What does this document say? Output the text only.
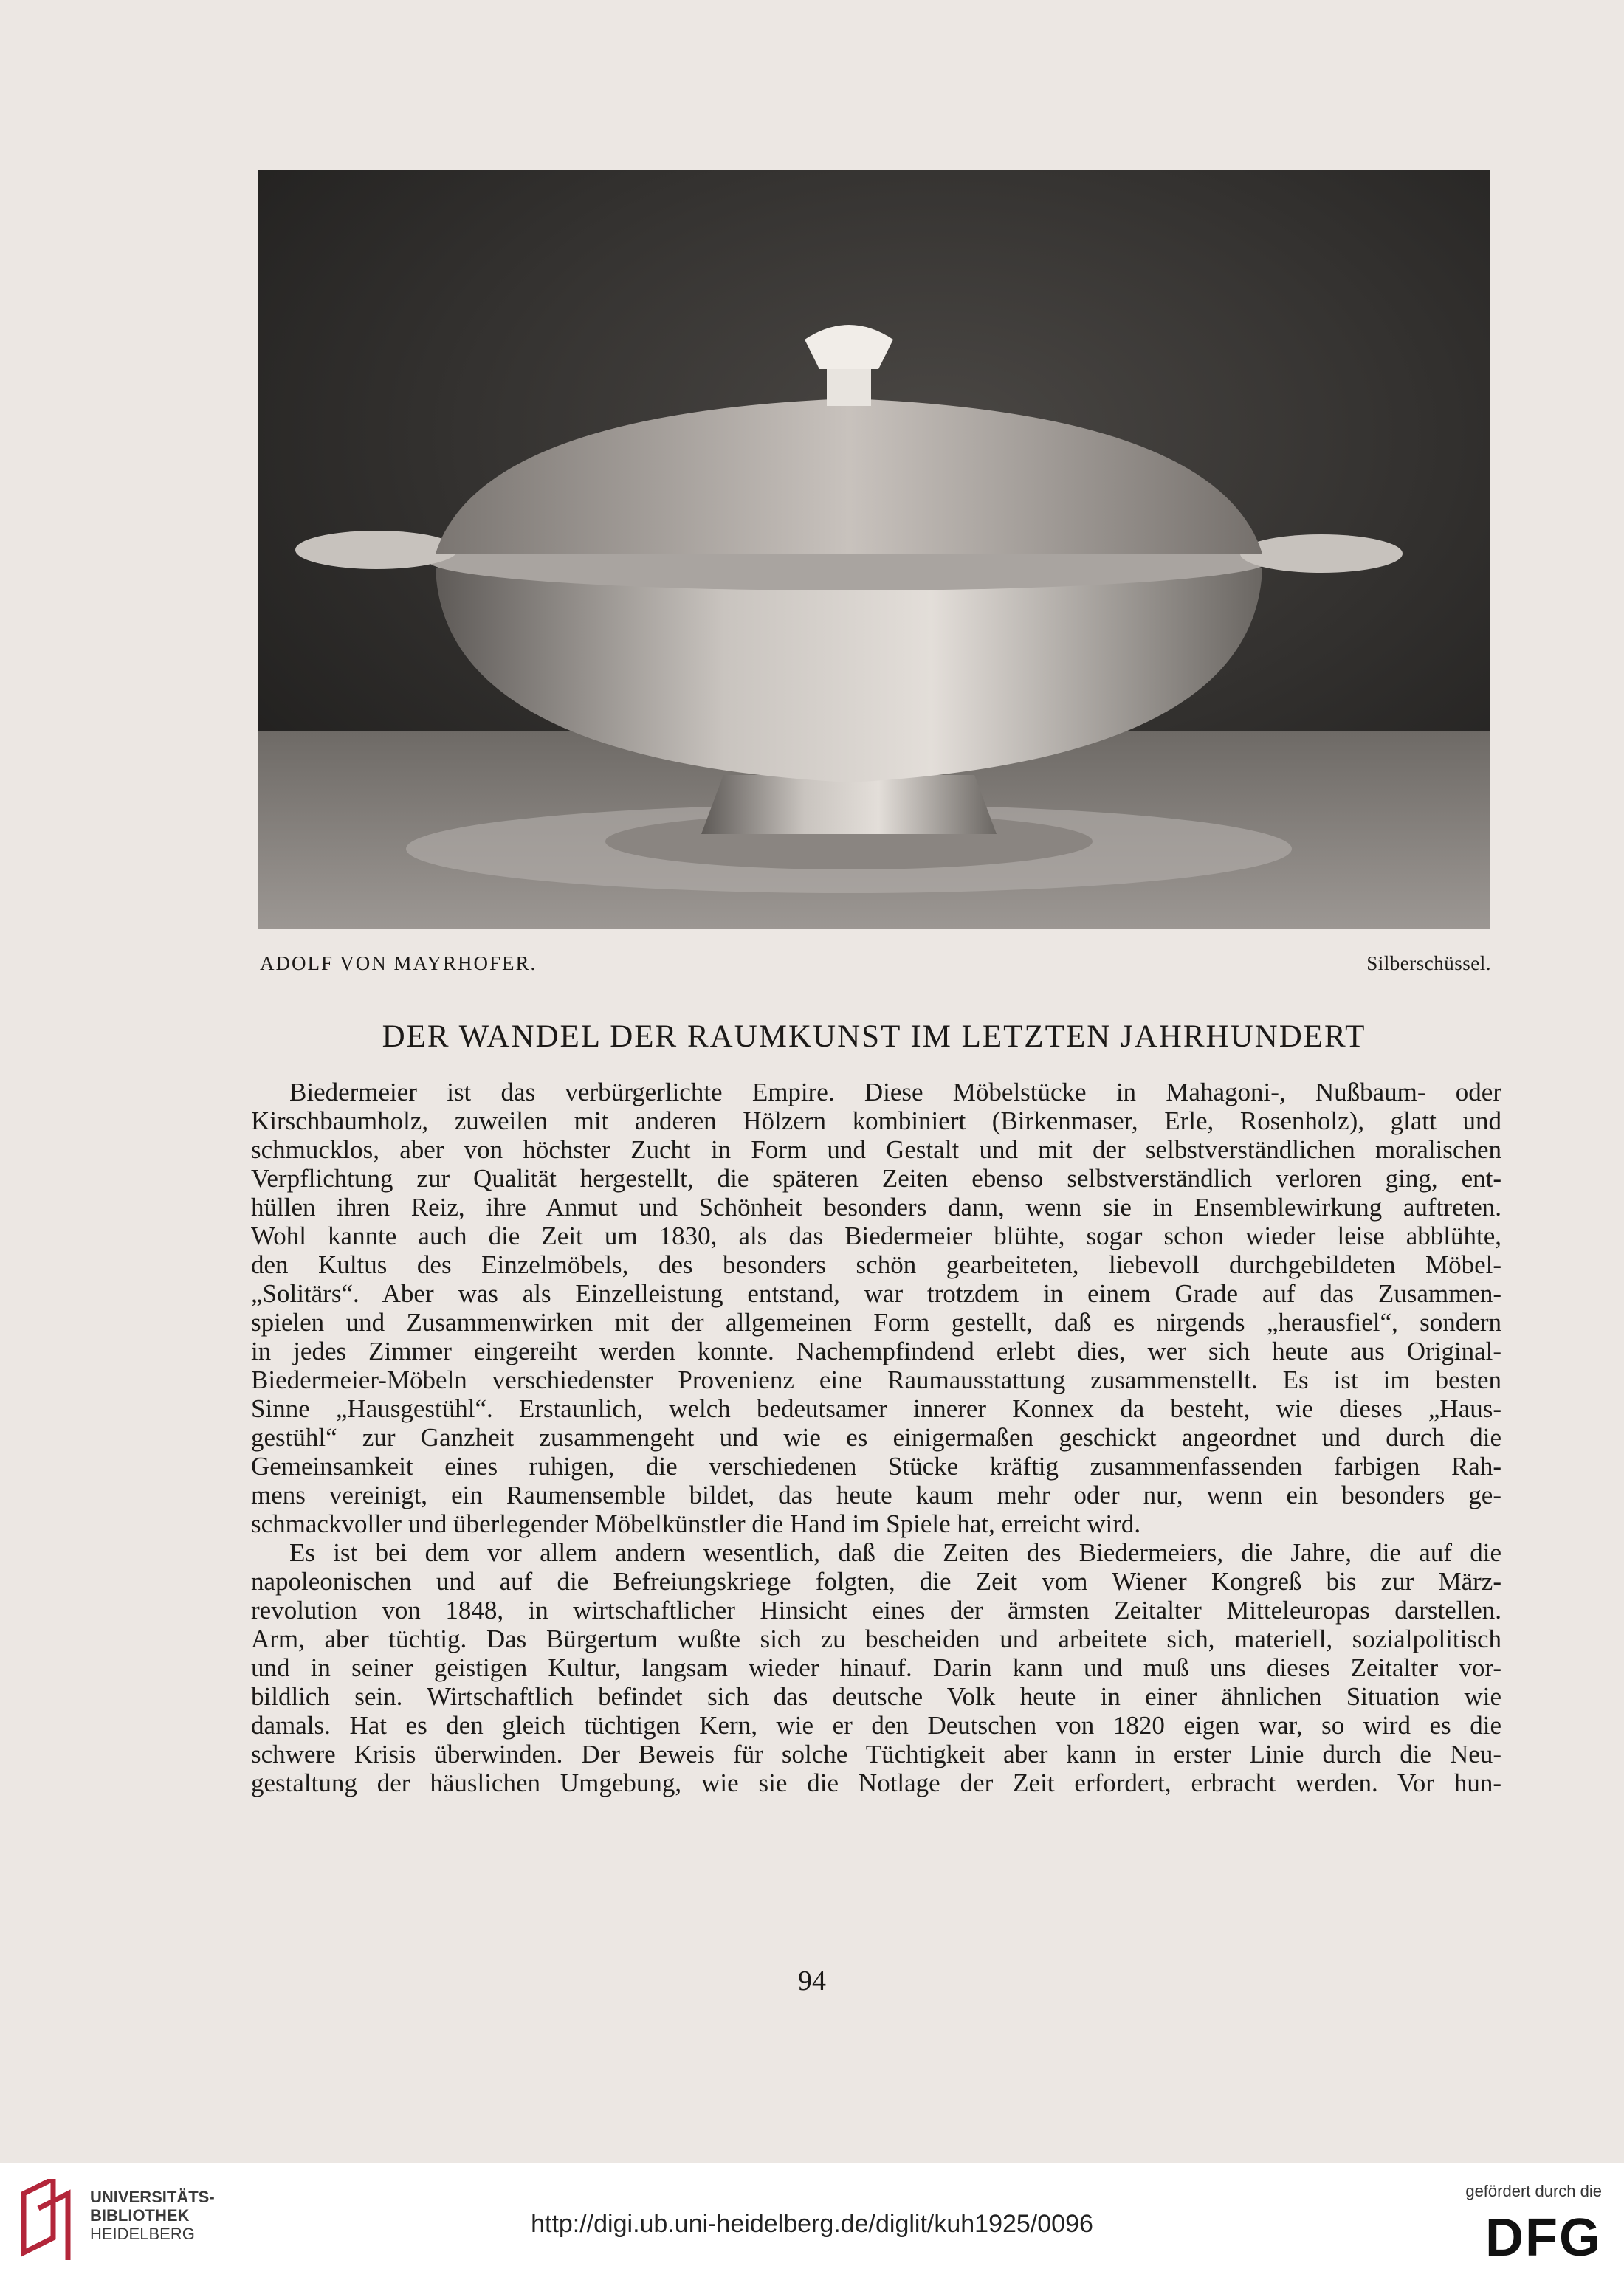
ADOLF VON MAYRHOFER.	Silberschüssel.
DER WANDEL DER RAUMKUNST IM LETZTEN JAHRHUNDERT

Biedermeier ist das verbürgerlichte Empire. Diese Möbelstücke in Mahagoni-, Nußbaum- oder

Kirschbaumholz, zuweilen mit anderen Hölzern kombiniert (Birkenmaser, Erle, Rosenholz), glatt und

schmucklos, aber von höchster Zucht in Form und Gestalt und mit der selbstverständlichen moralischen

Verpflichtung zur Qualität hergestellt, die späteren Zeiten ebenso selbstverständlich verloren ging, ent-

hüllen ihren Reiz, ihre Anmut und Schönheit besonders dann, wenn sie in Ensemblewirkung auftreten.

Wohl kannte auch die Zeit um 1830, als das Biedermeier blühte, sogar schon wieder leise abblühte,

den Kultus des Einzelmöbels, des besonders schön gearbeiteten, liebevoll durchgebildeten Möbel-

„Solitärs“. Aber was als Einzelleistung entstand, war trotzdem in einem Grade auf das Zusammen-

spielen und Zusammenwirken mit der allgemeinen Form gestellt, daß es nirgends „herausfiel“, sondern

in jedes Zimmer eingereiht werden konnte. Nachempfindend erlebt dies, wer sich heute aus Original-

Biedermeier-Möbeln verschiedenster Provenienz eine Raumausstattung zusammenstellt. Es ist im besten

Sinne „Hausgestühl“. Erstaunlich, welch bedeutsamer innerer Konnex da besteht, wie dieses „Haus-

gestühl“ zur Ganzheit zusammengeht und wie es einigermaßen geschickt angeordnet und durch die

Gemeinsamkeit eines ruhigen, die verschiedenen Stücke kräftig zusammenfassenden farbigen Rah-

mens vereinigt, ein Raumensemble bildet, das heute kaum mehr oder nur, wenn ein besonders ge-

schmackvoller und überlegender Möbelkünstler die Hand im Spiele hat, erreicht wird.

Es ist bei dem vor allem andern wesentlich, daß die Zeiten des Biedermeiers, die Jahre, die auf die

napoleonischen und auf die Befreiungskriege folgten, die Zeit vom Wiener Kongreß bis zur März-

revolution von 1848, in wirtschaftlicher Hinsicht eines der ärmsten Zeitalter Mitteleuropas darstellen.

Arm, aber tüchtig. Das Bürgertum wußte sich zu bescheiden und arbeitete sich, materiell, sozialpolitisch

und in seiner geistigen Kultur, langsam wieder hinauf. Darin kann und muß uns dieses Zeitalter vor-

bildlich sein. Wirtschaftlich befindet sich das deutsche Volk heute in einer ähnlichen Situation wie

damals. Hat es den gleich tüchtigen Kern, wie er den Deutschen von 1820 eigen war, so wird es die

schwere Krisis überwinden. Der Beweis für solche Tüchtigkeit aber kann in erster Linie durch die Neu-

gestaltung der häuslichen Umgebung, wie sie die Notlage der Zeit erfordert, erbracht werden. Vor hun-

94
UNIVERSITÄTS-
BIBLIOTHEK
HEIDELBERG	http://digi.ub.uni-heidelberg.de/diglit/kuh1925/0096
gefördert durch die
DFG
